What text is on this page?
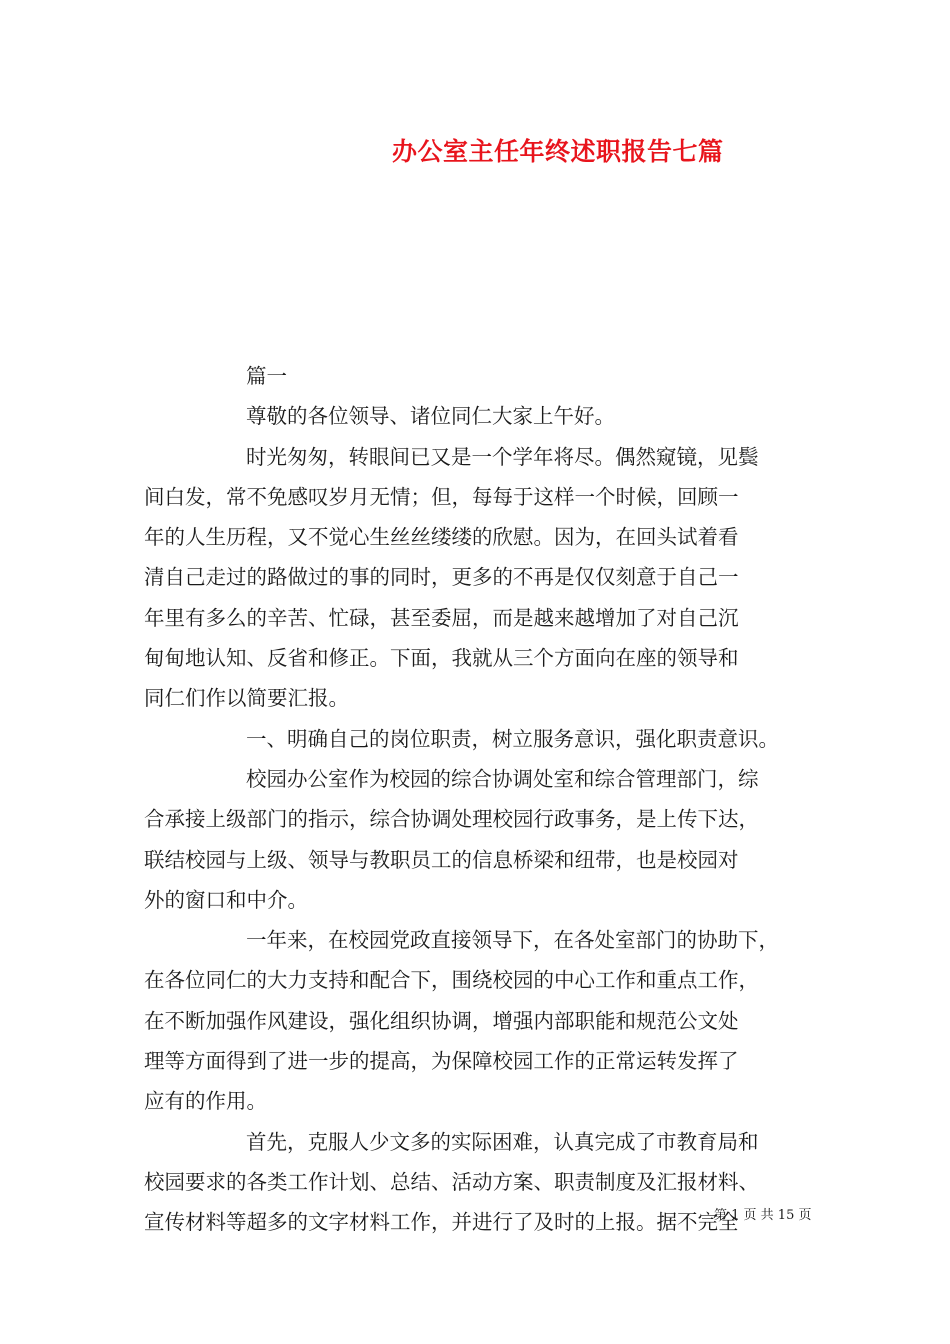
办公室主任年终述职报告七篇
篇一
尊敬的各位领导、诸位同仁大家上午好。
时光匆匆，转眼间已又是一个学年将尽。偶然窥镜，见鬓
间白发，常不免感叹岁月无情；但，每每于这样一个时候，回顾一
年的人生历程，又不觉心生丝丝缕缕的欣慰。因为，在回头试着看
清自己走过的路做过的事的同时，更多的不再是仅仅刻意于自己一
年里有多么的辛苦、忙碌，甚至委屈，而是越来越增加了对自己沉
甸甸地认知、反省和修正。下面，我就从三个方面向在座的领导和
同仁们作以简要汇报。
一、明确自己的岗位职责，树立服务意识，强化职责意识。
校园办公室作为校园的综合协调处室和综合管理部门，综
合承接上级部门的指示，综合协调处理校园行政事务，是上传下达，
联结校园与上级、领导与教职员工的信息桥梁和纽带，也是校园对
外的窗口和中介。
一年来，在校园党政直接领导下，在各处室部门的协助下，
在各位同仁的大力支持和配合下，围绕校园的中心工作和重点工作，
在不断加强作风建设，强化组织协调，增强内部职能和规范公文处
理等方面得到了进一步的提高，为保障校园工作的正常运转发挥了
应有的作用。
首先，克服人少文多的实际困难，认真完成了市教育局和
校园要求的各类工作计划、总结、活动方案、职责制度及汇报材料、
宣传材料等超多的文字材料工作，并进行了及时的上报。据不完全
第 1 页 共 15 页
